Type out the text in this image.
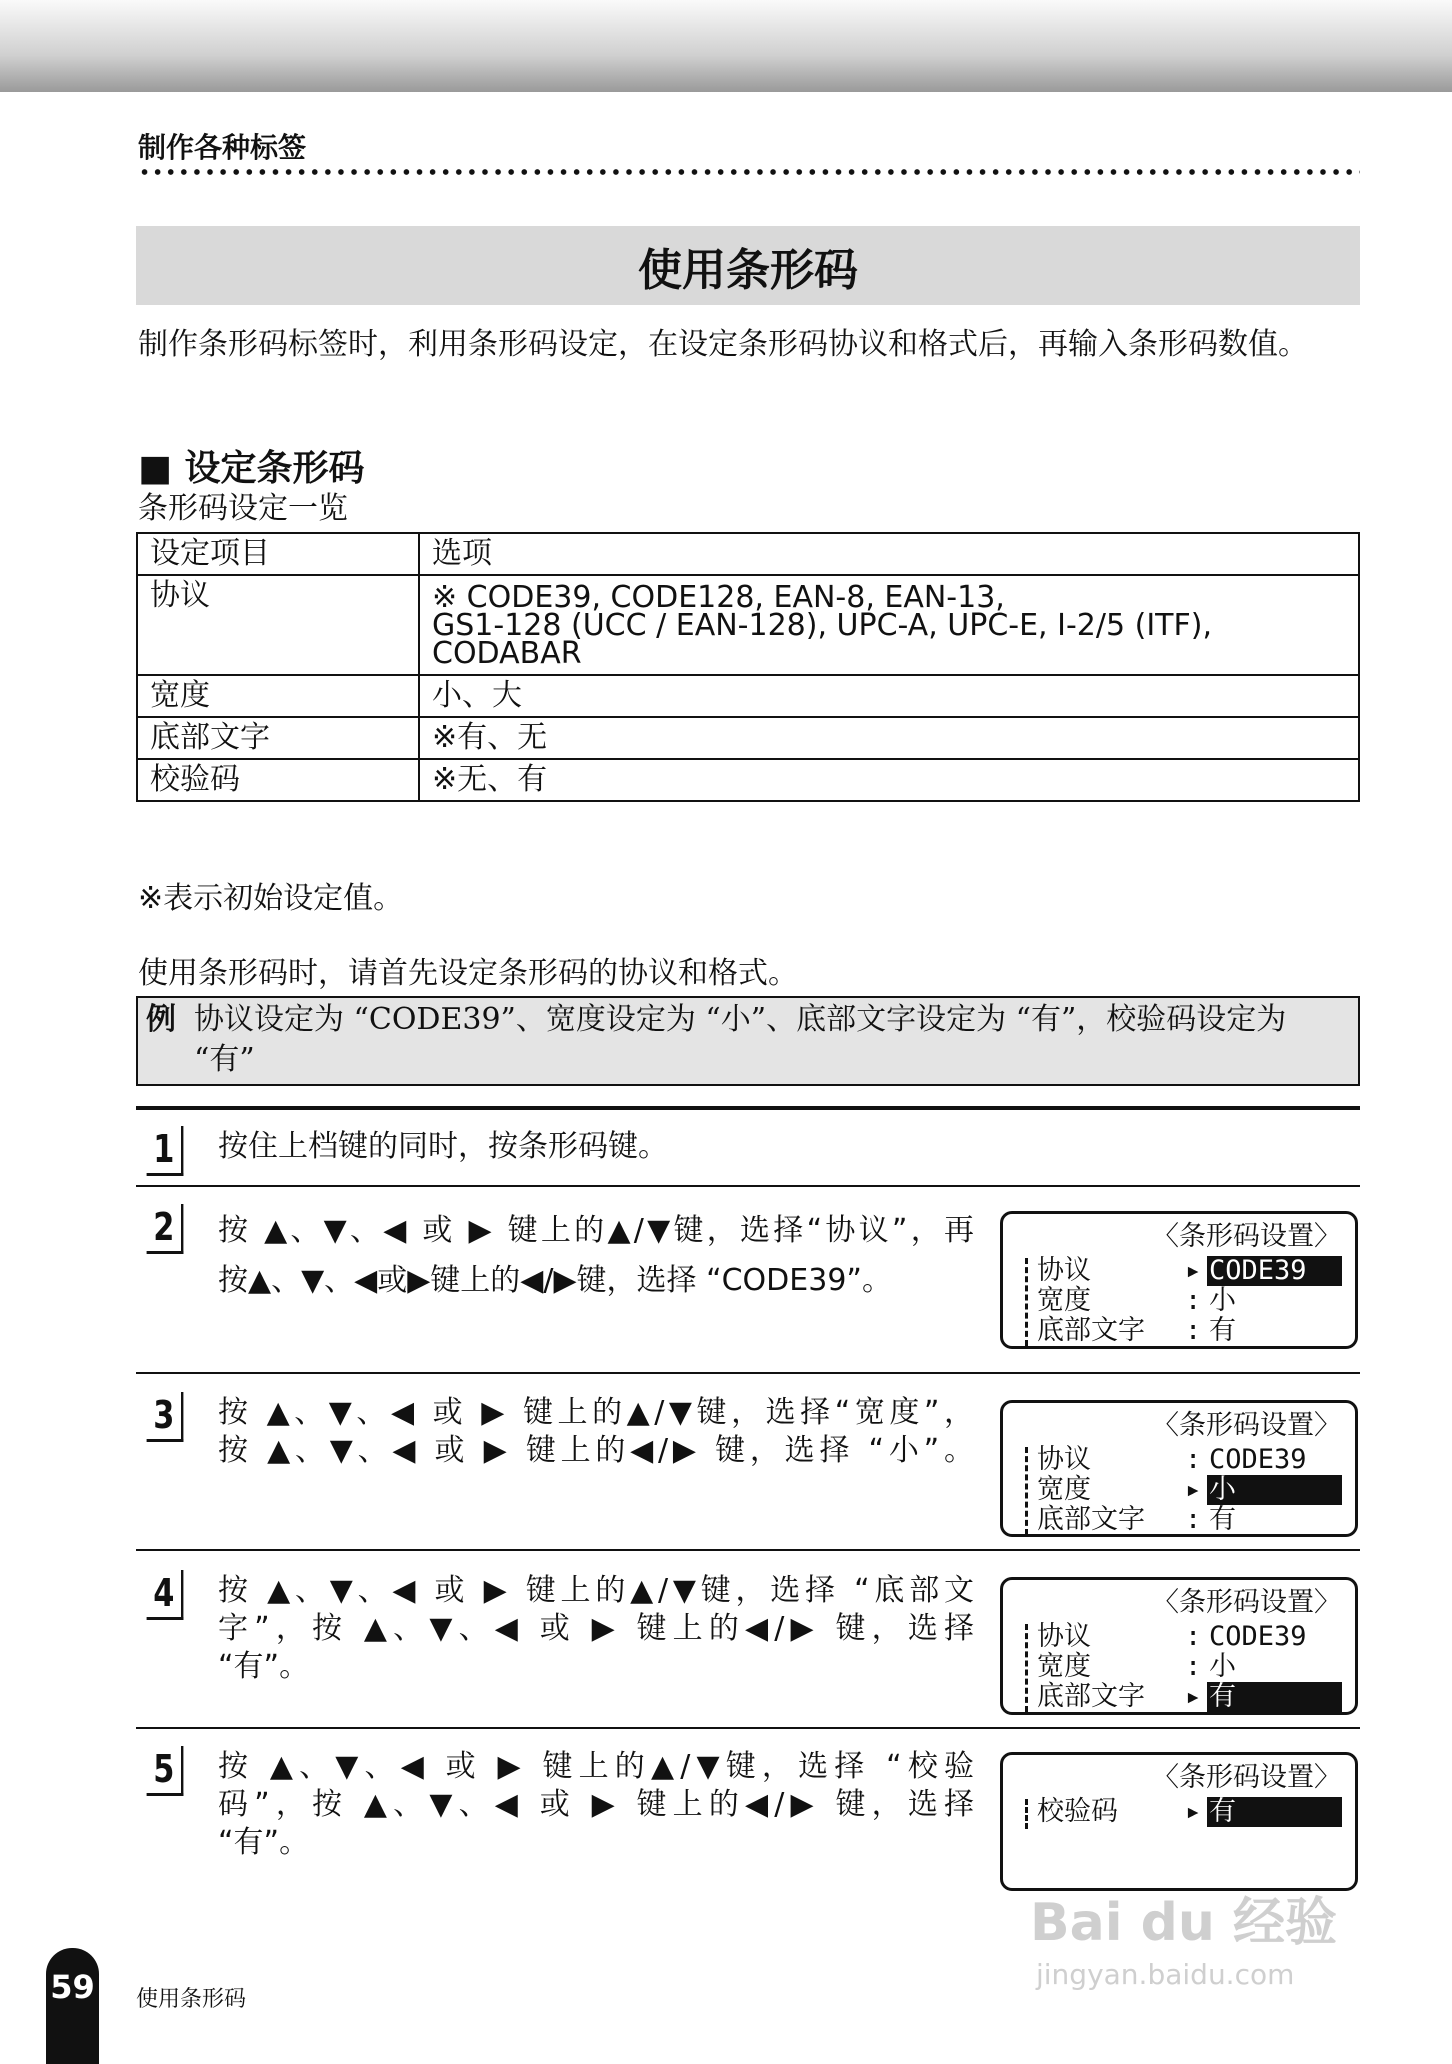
制作各种标签
使用条形码
制作条形码标签时，利用条形码设定，在设定条形码协议和格式后，再输入条形码数值。
■ 设定条形码
条形码设定一览
设定项目	选项
协议	※ CODE39, CODE128, EAN-8, EAN-13,
GS1-128 (UCC / EAN-128), UPC-A, UPC-E, I-2/5 (ITF),
CODABAR
宽度	小、大
底部文字	※有、无
校验码	※无、有
※表示初始设定值。
使用条形码时，请首先设定条形码的协议和格式。
例 协议设定为 “CODE39”、宽度设定为 “小”、底部文字设定为 “有”，校验码设定为 “有”
1	按住上档键的同时，按条形码键。
2	按 ▲、▼、◀ 或 ▶ 键上的▲/▼键，选择“协议”，再
按▲、▼、◀或▶键上的◀/▶键，选择 “CODE39”。
〈条形码设置〉
协议	▸ CODE39
宽度	: 小
底部文字 : 有
3	按 ▲、▼、◀ 或 ▶ 键上的▲/▼键，选择“宽度”，
按 ▲、▼、◀ 或 ▶ 键上的◀/▶ 键，选择 “小”。
〈条形码设置〉
协议	: CODE39
宽度	▸ 小
底部文字 : 有
4	按 ▲、▼、◀ 或 ▶ 键上的▲/▼键，选择 “底部文
字”，按 ▲、▼、◀ 或 ▶ 键上的◀/▶ 键，选择
“有”。
〈条形码设置〉
协议	: CODE39
宽度	: 小
底部文字 ▸ 有
5	按 ▲、▼、◀ 或 ▶ 键上的▲/▼键，选择 “校验
码”，按 ▲、▼、◀ 或 ▶ 键上的◀/▶ 键，选择
“有”。
〈条形码设置〉
校验码 ▸ 有
Bai du 经验
jingyan.baidu.com
59 使用条形码
